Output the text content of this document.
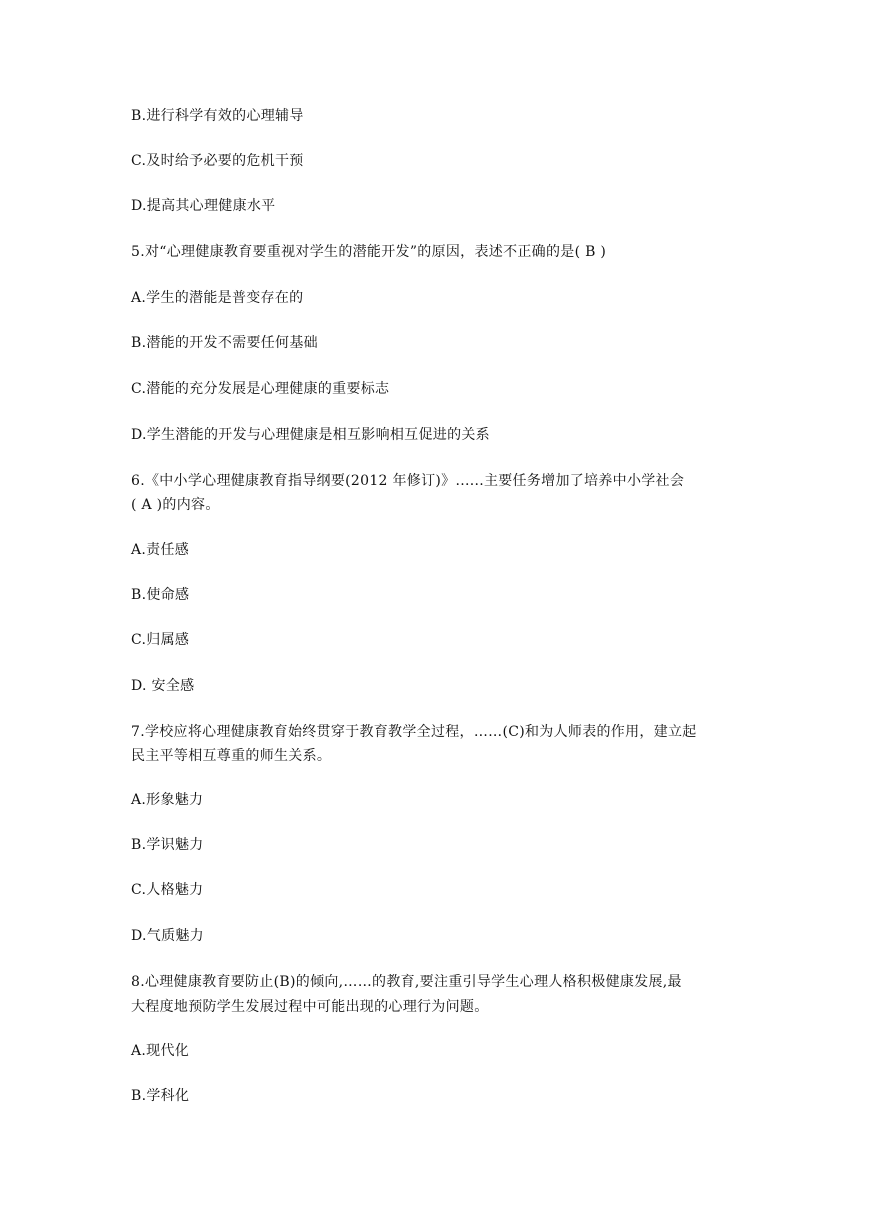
B.进行科学有效的心理辅导
C.及时给予必要的危机干预
D.提高其心理健康水平
5.对“心理健康教育要重视对学生的潜能开发”的原因，表述不正确的是( B )
A.学生的潜能是普变存在的
B.潜能的开发不需要任何基础
C.潜能的充分发展是心理健康的重要标志
D.学生潜能的开发与心理健康是相互影响相互促进的关系
6.《中小学心理健康教育指导纲要(2012 年修订)》......主要任务增加了培养中小学社会
( A )的内容。
A.责任感
B.使命感
C.归属感
D. 安全感
7.学校应将心理健康教育始终贯穿于教育教学全过程，……(C)和为人师表的作用，建立起
民主平等相互尊重的师生关系。
A.形象魅力
B.学识魅力
C.人格魅力
D.气质魅力
8.心理健康教育要防止(B)的倾向,……的教育,要注重引导学生心理人格积极健康发展,最
大程度地预防学生发展过程中可能出现的心理行为问题。
A.现代化
B.学科化
